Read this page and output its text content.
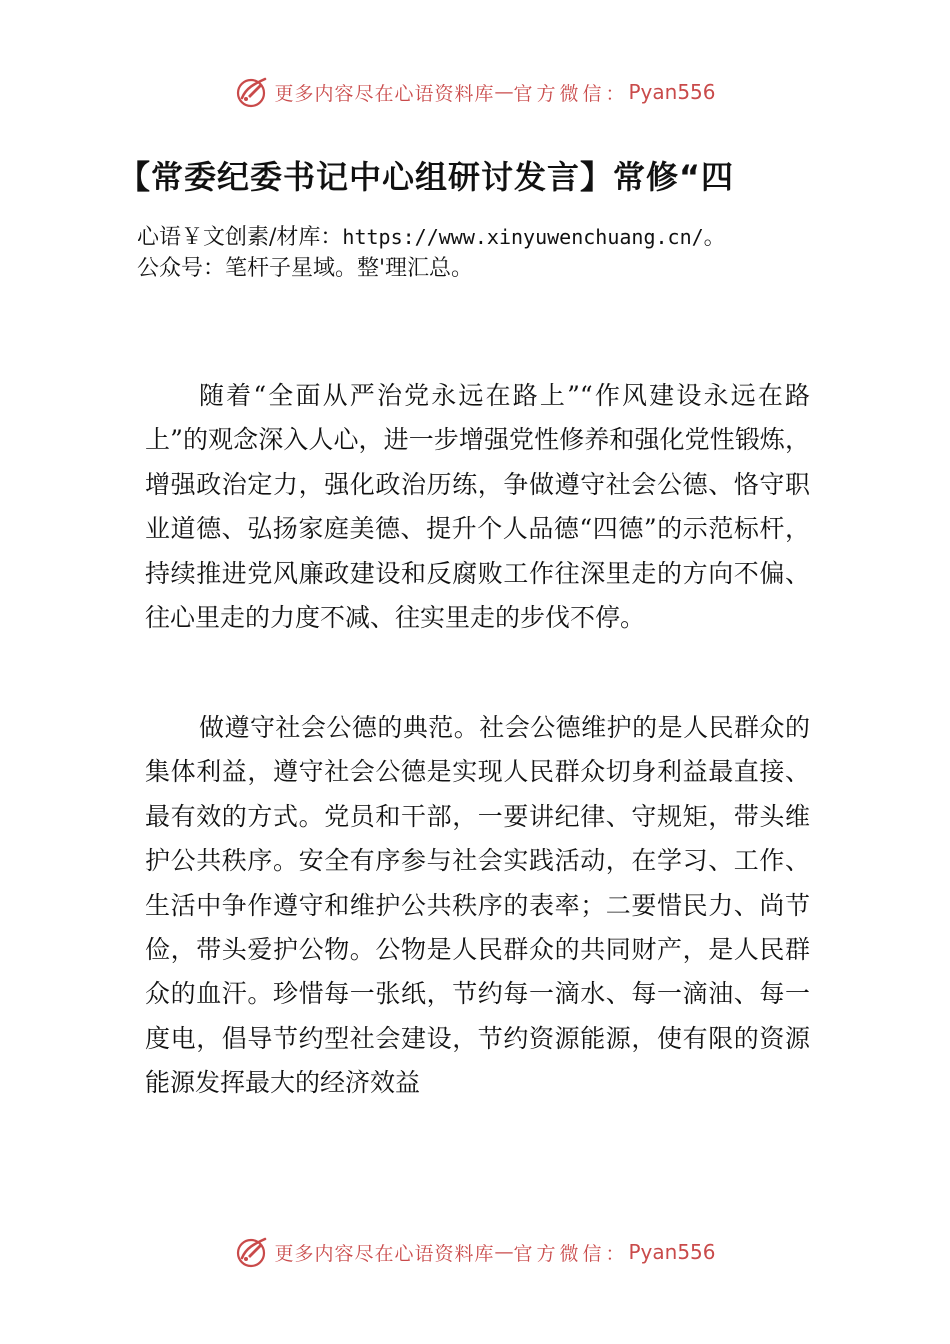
更多内容尽在心语资料库 — 官方微信： Pyan556
【常委纪委书记中心组研讨发言】常修“四
心语￥文创素/材库：https://www.xinyuwenchuang.cn/。
公众号：笔杆子星域。整'理汇总。

随着“全面从严治党永远在路上”“作风建设永远在路上”的观念深入人心，进一步增强党性修养和强化党性锻炼，增强政治定力，强化政治历练，争做遵守社会公德、恪守职业道德、弘扬家庭美德、提升个人品德“四德”的示范标杆，持续推进党风廉政建设和反腐败工作往深里走的方向不偏、往心里走的力度不减、往实里走的步伐不停。

做遵守社会公德的典范。社会公德维护的是人民群众的集体利益，遵守社会公德是实现人民群众切身利益最直接、最有效的方式。党员和干部，一要讲纪律、守规矩，带头维护公共秩序。安全有序参与社会实践活动，在学习、工作、生活中争作遵守和维护公共秩序的表率；二要惜民力、尚节俭，带头爱护公物。公物是人民群众的共同财产，是人民群众的血汗。珍惜每一张纸，节约每一滴水、每一滴油、每一度电，倡导节约型社会建设，节约资源能源，使有限的资源能源发挥最大的经济效益

更多内容尽在心语资料库 — 官方微信： Pyan556
